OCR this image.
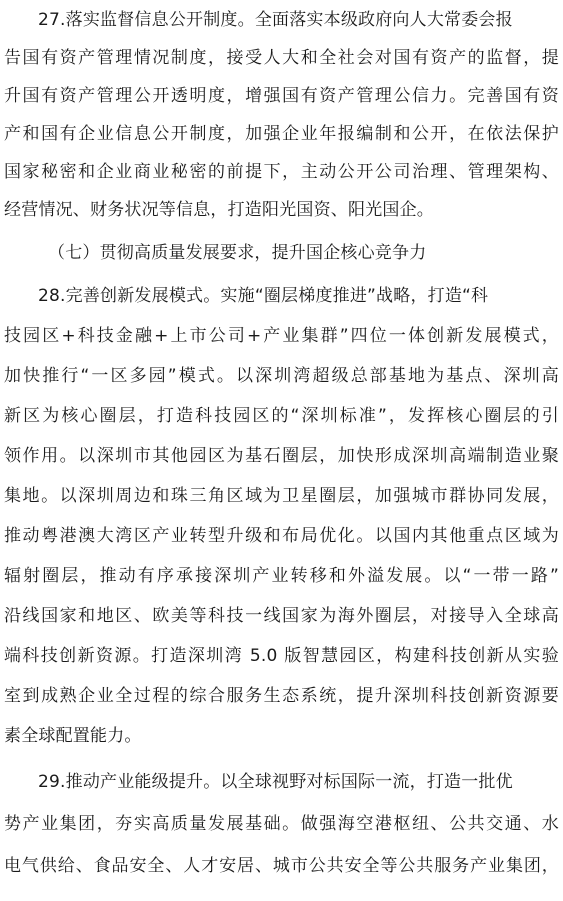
27.落实监督信息公开制度。全面落实本级政府向人大常委会报
告国有资产管理情况制度，接受人大和全社会对国有资产的监督，提
升国有资产管理公开透明度，增强国有资产管理公信力。完善国有资
产和国有企业信息公开制度，加强企业年报编制和公开，在依法保护
国家秘密和企业商业秘密的前提下，主动公开公司治理、管理架构、
经营情况、财务状况等信息，打造阳光国资、阳光国企。
（七）贯彻高质量发展要求，提升国企核心竞争力
28.完善创新发展模式。实施“圈层梯度推进”战略，打造“科
技园区+科技金融+上市公司+产业集群”四位一体创新发展模式，
加快推行“一区多园”模式。以深圳湾超级总部基地为基点、深圳高
新区为核心圈层，打造科技园区的“深圳标准”，发挥核心圈层的引
领作用。以深圳市其他园区为基石圈层，加快形成深圳高端制造业聚
集地。以深圳周边和珠三角区域为卫星圈层，加强城市群协同发展，
推动粤港澳大湾区产业转型升级和布局优化。以国内其他重点区域为
辐射圈层，推动有序承接深圳产业转移和外溢发展。以“一带一路”
沿线国家和地区、欧美等科技一线国家为海外圈层，对接导入全球高
端科技创新资源。打造深圳湾 5.0 版智慧园区，构建科技创新从实验
室到成熟企业全过程的综合服务生态系统，提升深圳科技创新资源要
素全球配置能力。
29.推动产业能级提升。以全球视野对标国际一流，打造一批优
势产业集团，夯实高质量发展基础。做强海空港枢纽、公共交通、水
电气供给、食品安全、人才安居、城市公共安全等公共服务产业集团，
